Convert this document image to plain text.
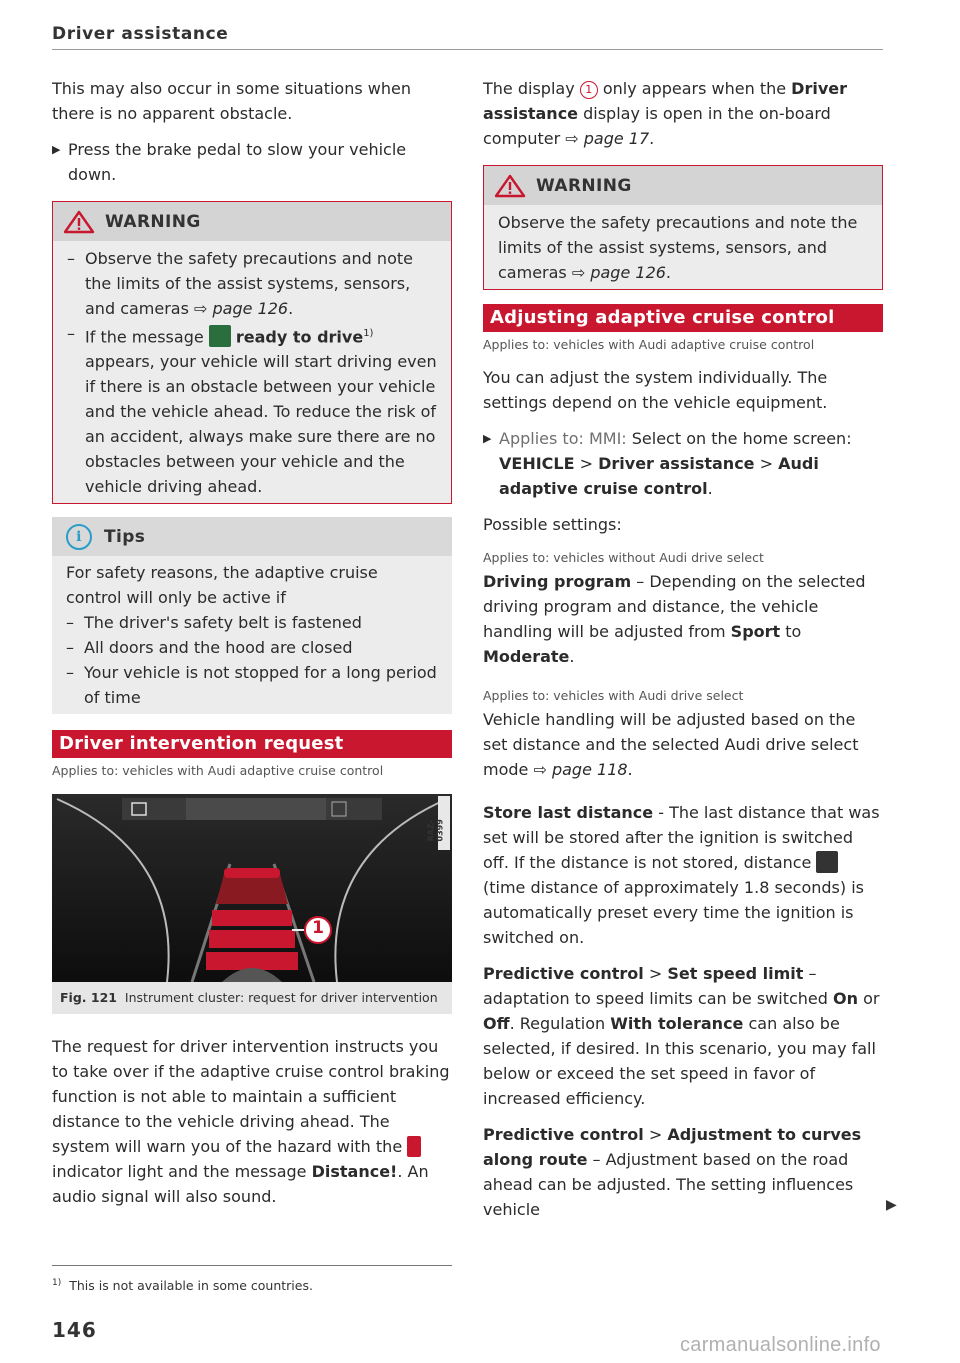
Driver assistance

This may also occur in some situations when there is no apparent obstacle.

▶ Press the brake pedal to slow your vehicle down.
WARNING
– Observe the safety precautions and note the limits of the assist systems, sensors, and cameras ⇨ page 126.
– If the message  ready to drive$^{1)}$ appears, your vehicle will start driving even if there is an obstacle between your vehicle and the vehicle ahead. To reduce the risk of an accident, always make sure there are no obstacles between your vehicle and the vehicle driving ahead.
i	Tips

For safety reasons, the adaptive cruise control will only be active if

– The driver's safety belt is fastened
– All doors and the hood are closed
– Your vehicle is not stopped for a long period of time
Driver intervention request
Applies to: vehicles with Audi adaptive cruise control
1
RAZ-0399
Fig. 121 Instrument cluster: request for driver intervention

The request for driver intervention instructs you to take over if the adaptive cruise control braking function is not able to maintain a sufficient distance to the vehicle driving ahead. The system will warn you of the hazard with the  indicator light and the message Distance!. An audio signal will also sound.

$^{1)}$ This is not available in some countries.
146

The display 1 only appears when the Driver assistance display is open in the on-board computer ⇨ page 17.

WARNING

Observe the safety precautions and note the limits of the assist systems, sensors, and cameras ⇨ page 126.

Adjusting adaptive cruise control
Applies to: vehicles with Audi adaptive cruise control

You can adjust the system individually. The settings depend on the vehicle equipment.

▶ Applies to: MMI: Select on the home screen: VEHICLE > Driver assistance > Audi adaptive cruise control.

Possible settings:

Applies to: vehicles without Audi drive select

Driving program – Depending on the selected driving program and distance, the vehicle handling will be adjusted from Sport to Moderate.

Applies to: vehicles with Audi drive select

Vehicle handling will be adjusted based on the set distance and the selected Audi drive select mode ⇨ page 118.

Store last distance - The last distance that was set will be stored after the ignition is switched off. If the distance is not stored, distance  (time distance of approximately 1.8 seconds) is automatically preset every time the ignition is switched on.

Predictive control > Set speed limit – adaptation to speed limits can be switched On or Off. Regulation With tolerance can also be selected, if desired. In this scenario, you may fall below or exceed the set speed in favor of increased efficiency.

Predictive control > Adjustment to curves along route – Adjustment based on the road ahead can be adjusted. The setting influences vehicle	▶
carmanualsonline.info
